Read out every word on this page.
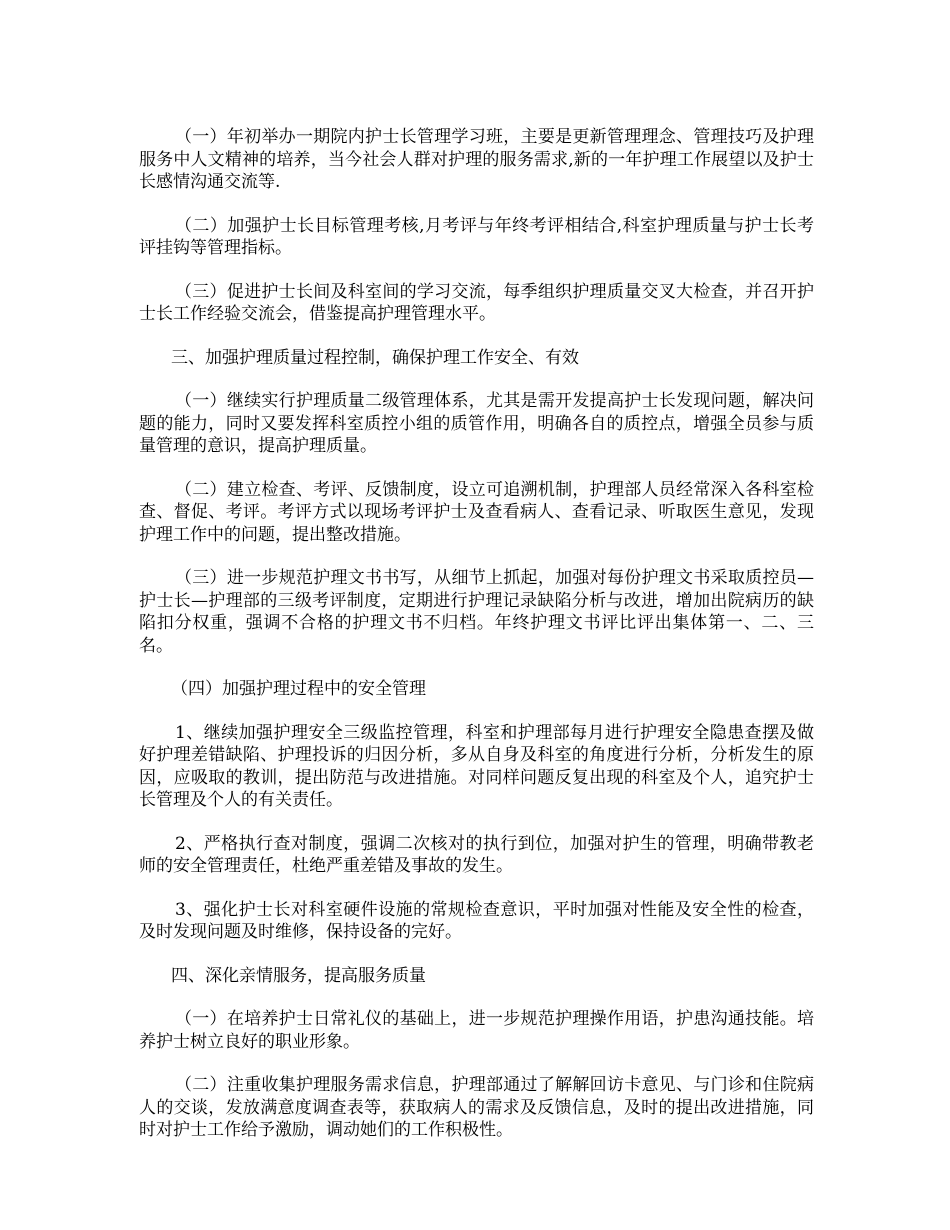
（一）年初举办一期院内护士长管理学习班，主要是更新管理理念、管理技巧及护理服务中人文精神的培养，当今社会人群对护理的服务需求,新的一年护理工作展望以及护士长感情沟通交流等.

（二）加强护士长目标管理考核,月考评与年终考评相结合,科室护理质量与护士长考评挂钩等管理指标。

（三）促进护士长间及科室间的学习交流，每季组织护理质量交叉大检查，并召开护士长工作经验交流会，借鉴提高护理管理水平。

三、加强护理质量过程控制，确保护理工作安全、有效

（一）继续实行护理质量二级管理体系，尤其是需开发提高护士长发现问题，解决问题的能力，同时又要发挥科室质控小组的质管作用，明确各自的质控点，增强全员参与质量管理的意识，提高护理质量。

（二）建立检查、考评、反馈制度，设立可追溯机制，护理部人员经常深入各科室检查、督促、考评。考评方式以现场考评护士及查看病人、查看记录、听取医生意见，发现护理工作中的问题，提出整改措施。

（三）进一步规范护理文书书写，从细节上抓起，加强对每份护理文书采取质控员—护士长—护理部的三级考评制度，定期进行护理记录缺陷分析与改进，增加出院病历的缺陷扣分权重，强调不合格的护理文书不归档。年终护理文书评比评出集体第一、二、三名。

（四）加强护理过程中的安全管理

1、继续加强护理安全三级监控管理，科室和护理部每月进行护理安全隐患查摆及做好护理差错缺陷、护理投诉的归因分析，多从自身及科室的角度进行分析，分析发生的原因，应吸取的教训，提出防范与改进措施。对同样问题反复出现的科室及个人，追究护士长管理及个人的有关责任。

2、严格执行查对制度，强调二次核对的执行到位，加强对护生的管理，明确带教老师的安全管理责任，杜绝严重差错及事故的发生。

3、强化护士长对科室硬件设施的常规检查意识，平时加强对性能及安全性的检查，及时发现问题及时维修，保持设备的完好。

四、深化亲情服务，提高服务质量

（一）在培养护士日常礼仪的基础上，进一步规范护理操作用语，护患沟通技能。培养护士树立良好的职业形象。

（二）注重收集护理服务需求信息，护理部通过了解解回访卡意见、与门诊和住院病人的交谈，发放满意度调查表等，获取病人的需求及反馈信息，及时的提出改进措施，同时对护士工作给予激励，调动她们的工作积极性。
